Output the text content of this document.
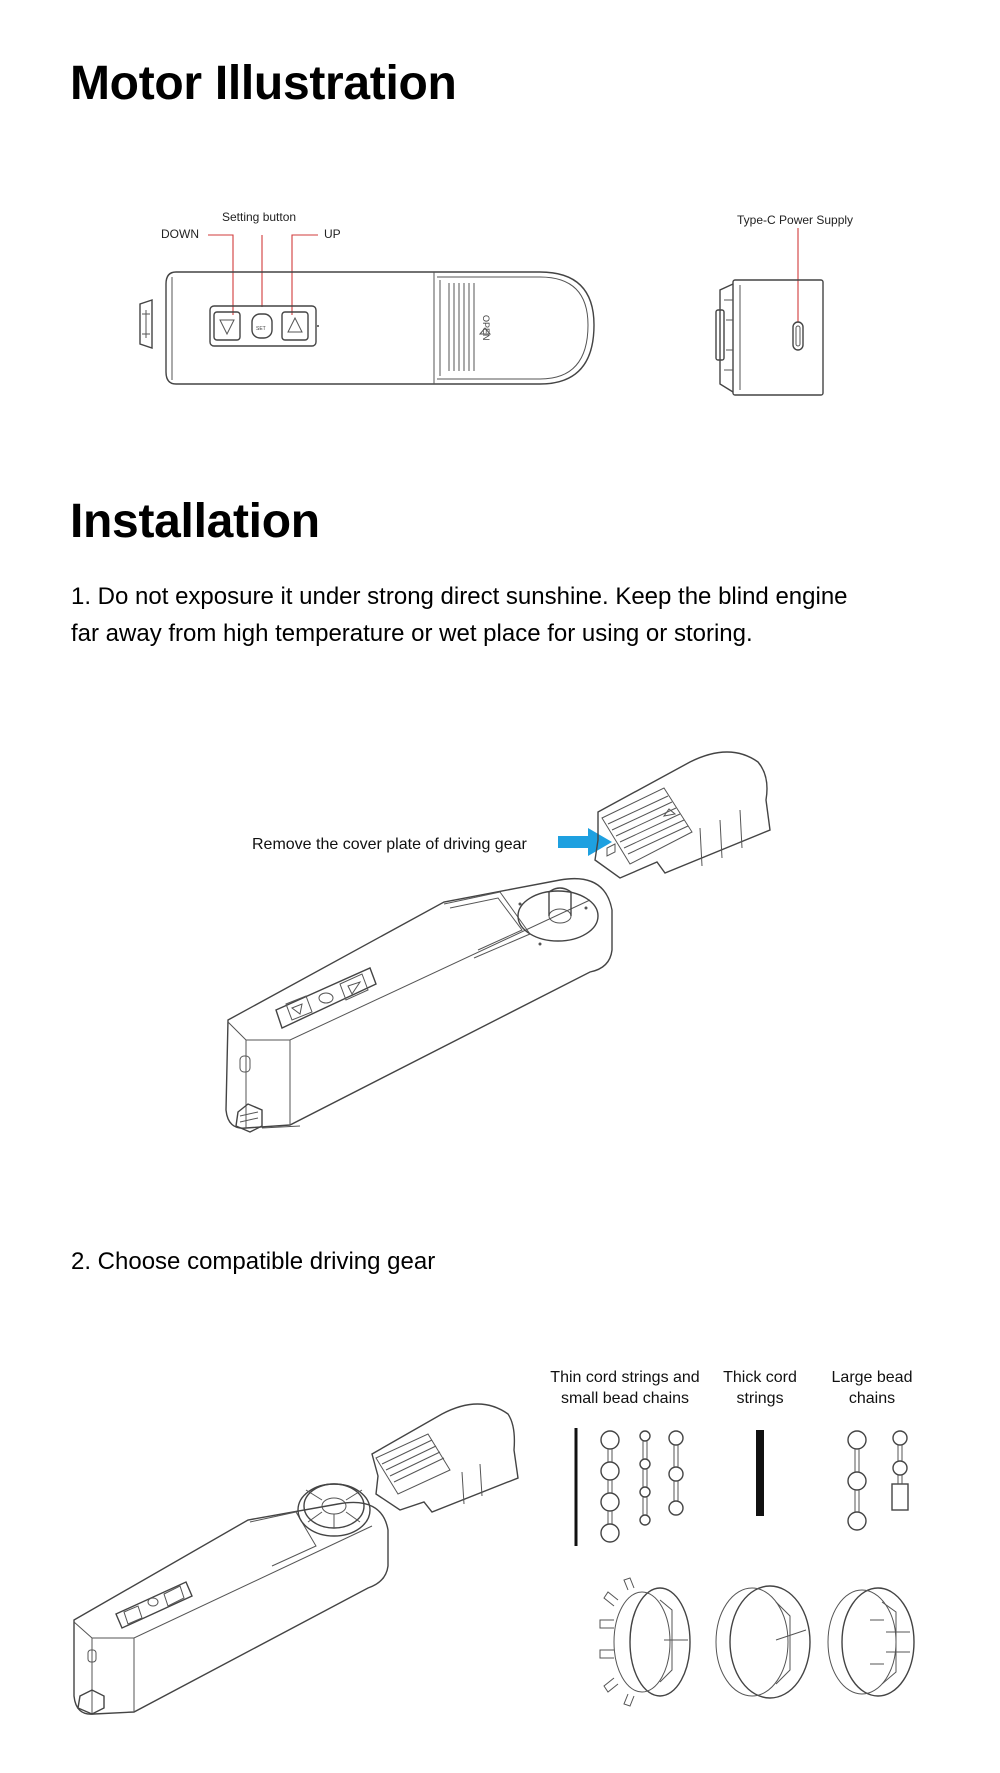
Motor Illustration
Setting button
DOWN	UP
Type-C Power Supply
OPEN
SET
Installation

1. Do not exposure it under strong direct sunshine. Keep the blind engine

far away from high temperature or wet place for using or storing.

Remove the cover plate of driving gear

2. Choose compatible driving gear

Thin cord strings and
small bead chains
Thick cord
strings
Large bead
chains
